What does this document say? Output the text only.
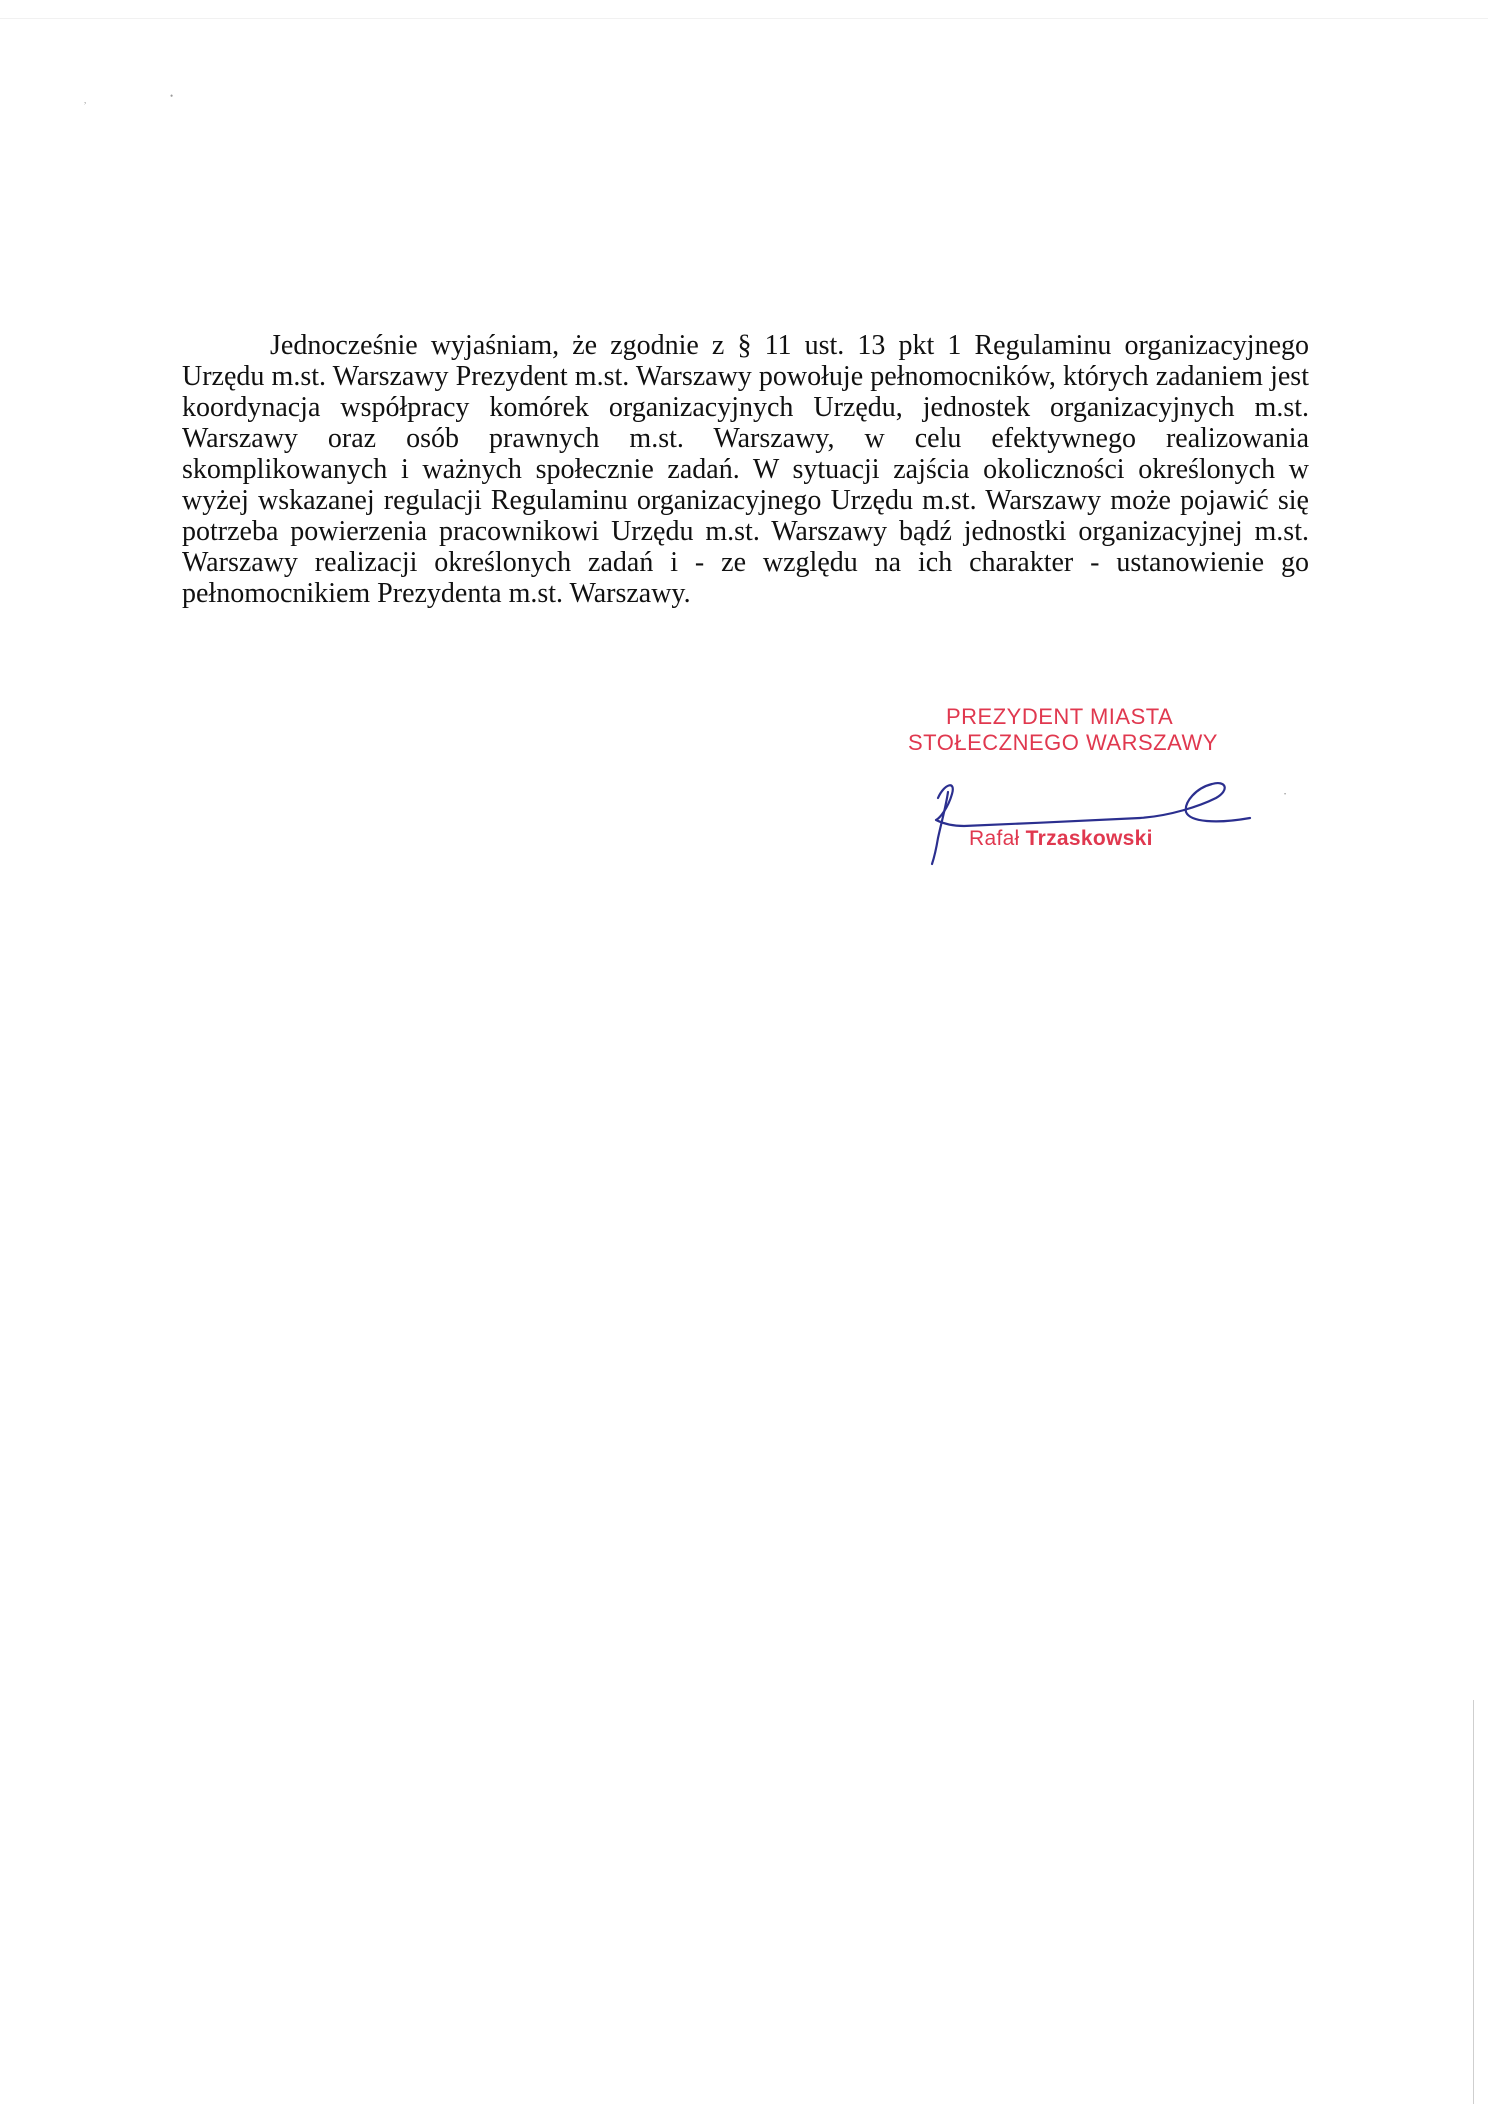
,	•
•

Jednocześnie wyjaśniam, że zgodnie z § 11 ust. 13 pkt 1 Regulaminu organizacyjnego Urzędu m.st. Warszawy Prezydent m.st. Warszawy powołuje pełnomocników, których zadaniem jest koordynacja współpracy komórek organizacyjnych Urzędu, jednostek organizacyjnych m.st. Warszawy oraz osób prawnych m.st. Warszawy, w celu efektywnego realizowania skomplikowanych i ważnych społecznie zadań. W sytuacji zajścia okoliczności określonych w wyżej wskazanej regulacji Regulaminu organizacyjnego Urzędu m.st. Warszawy może pojawić się potrzeba powierzenia pracownikowi Urzędu m.st. Warszawy bądź jednostki organizacyjnej m.st. Warszawy realizacji określonych zadań i - ze względu na ich charakter - ustanowienie go pełnomocnikiem Prezydenta m.st. Warszawy.

PREZYDENT MIASTA
STOŁECZNEGO WARSZAWY
Rafał Trzaskowski
